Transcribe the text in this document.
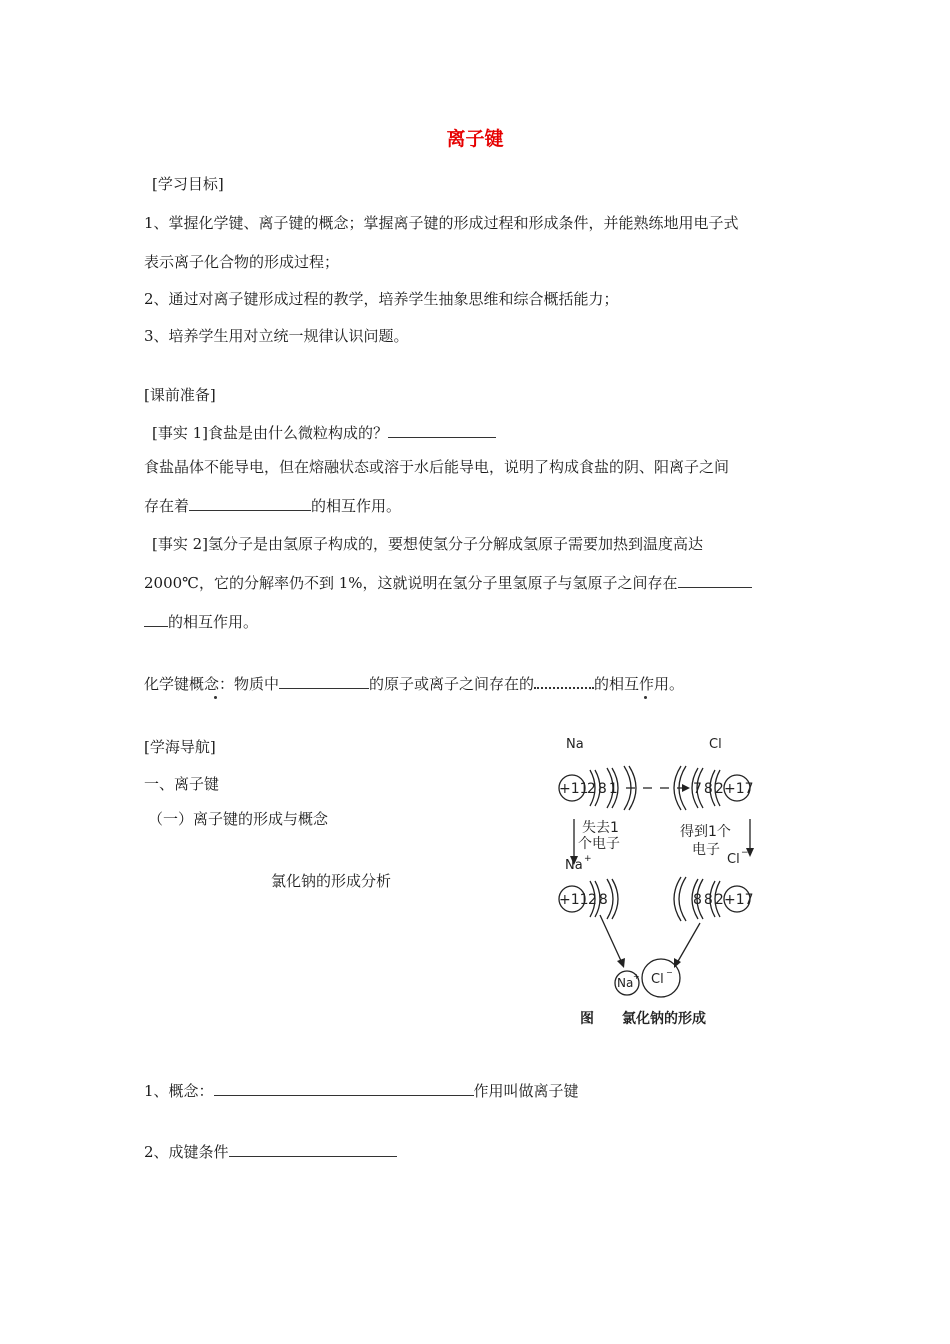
离子键
[学习目标]
1、掌握化学键、离子键的概念；掌握离子键的形成过程和形成条件，并能熟练地用电子式
表示离子化合物的形成过程；
2、通过对离子键形成过程的教学，培养学生抽象思维和综合概括能力；
3、培养学生用对立统一规律认识问题。
[课前准备]
[事实 1]食盐是由什么微粒构成的？
食盐晶体不能导电，但在熔融状态或溶于水后能导电，说明了构成食盐的阴、阳离子之间
存在着	的相互作用。
[事实 2]氢分子是由氢原子构成的，要想使氢分子分解成氢原子需要加热到温度高达
2000℃，它的分解率仍不到 1%，这就说明在氢分子里氢原子与氢原子之间存在
的相互作用。
化学键概念：物质中	的原子或离子之间存在的	的相互作用。
[学海导航]
一、离子键
（一）离子键的形成与概念
氯化钠的形成分析
1、概念：	作用叫做离子键
2、成键条件
Na	Cl
+11	+17
281	782
失去1
个电子
得到1个
电子
Na +	Cl −
+11	+17
28	882
Na + Cl −
图 氯化钠的形成
